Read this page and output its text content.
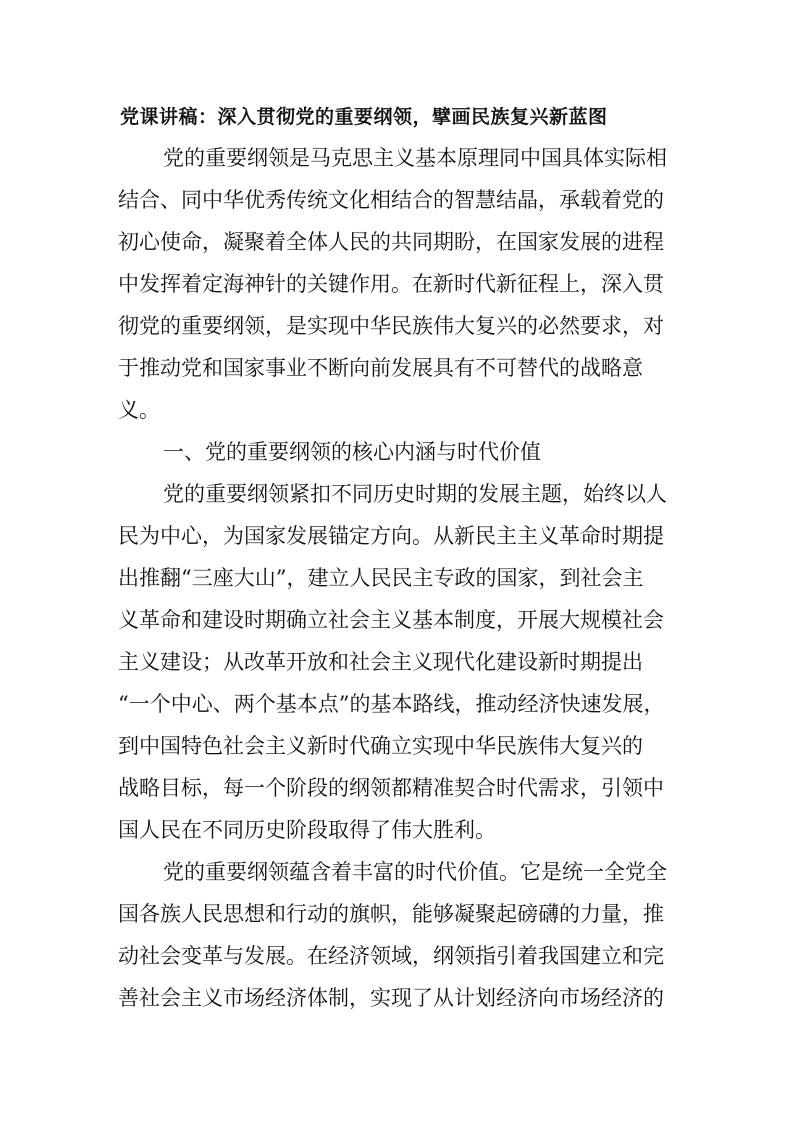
党课讲稿：深入贯彻党的重要纲领，擘画民族复兴新蓝图
党的重要纲领是马克思主义基本原理同中国具体实际相
结合、同中华优秀传统文化相结合的智慧结晶，承载着党的
初心使命，凝聚着全体人民的共同期盼，在国家发展的进程
中发挥着定海神针的关键作用。在新时代新征程上，深入贯
彻党的重要纲领，是实现中华民族伟大复兴的必然要求，对
于推动党和国家事业不断向前发展具有不可替代的战略意
义。
一、党的重要纲领的核心内涵与时代价值
党的重要纲领紧扣不同历史时期的发展主题，始终以人
民为中心，为国家发展锚定方向。从新民主主义革命时期提
出推翻“三座大山”，建立人民民主专政的国家，到社会主
义革命和建设时期确立社会主义基本制度，开展大规模社会
主义建设；从改革开放和社会主义现代化建设新时期提出
“一个中心、两个基本点”的基本路线，推动经济快速发展，
到中国特色社会主义新时代确立实现中华民族伟大复兴的
战略目标，每一个阶段的纲领都精准契合时代需求，引领中
国人民在不同历史阶段取得了伟大胜利。
党的重要纲领蕴含着丰富的时代价值。它是统一全党全
国各族人民思想和行动的旗帜，能够凝聚起磅礴的力量，推
动社会变革与发展。在经济领域，纲领指引着我国建立和完
善社会主义市场经济体制，实现了从计划经济向市场经济的
